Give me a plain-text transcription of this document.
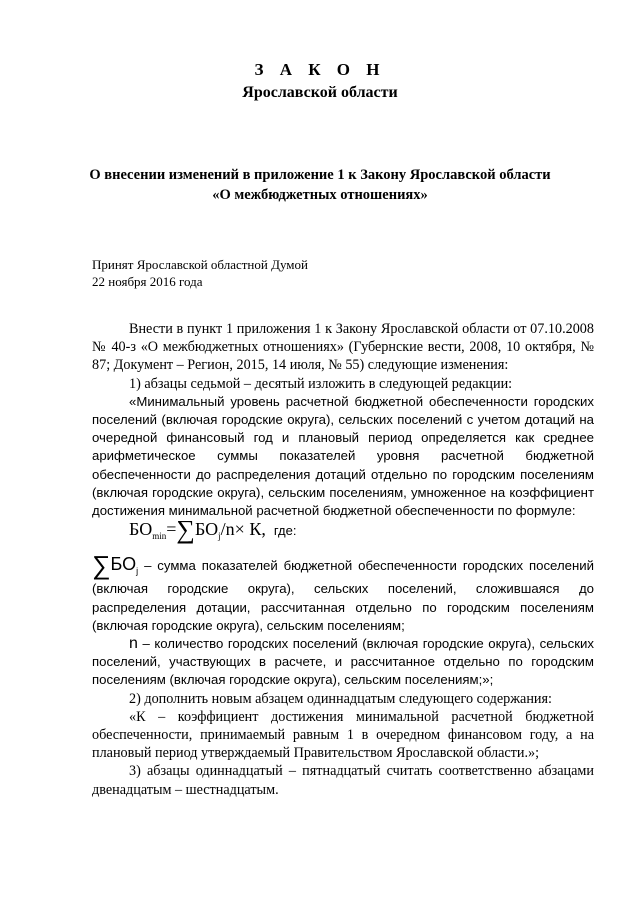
З А К О Н
Ярославской области
О внесении изменений в приложение 1 к Закону Ярославской области
«О межбюджетных отношениях»
Принят Ярославской областной Думой
22 ноября 2016 года

Внести в пункт 1 приложения 1 к Закону Ярославской области от 07.10.2008 № 40-з «О межбюджетных отношениях» (Губернские вести, 2008, 10 октября, № 87; Документ – Регион, 2015, 14 июля, № 55) следующие изменения:

1) абзацы седьмой – десятый изложить в следующей редакции:

«Минимальный уровень расчетной бюджетной обеспеченности городских поселений (включая городские округа), сельских поселений с учетом дотаций на очередной финансовый год и плановый период определяется как среднее арифметическое суммы показателей уровня расчетной бюджетной обеспеченности до распределения дотаций отдельно по городским поселениям (включая городские округа), сельским поселениям, умноженное на коэффициент достижения минимальной расчетной бюджетной обеспеченности по формуле:

$БО_{min}=\sum БО_j/n\times К$, где:

$\sum БО_j$ – сумма показателей бюджетной обеспеченности городских поселений (включая городские округа), сельских поселений, сложившаяся до распределения дотации, рассчитанная отдельно по городским поселениям (включая городские округа), сельским поселениям;

n – количество городских поселений (включая городские округа), сельских поселений, участвующих в расчете, и рассчитанное отдельно по городским поселениям (включая городские округа), сельским поселениям;»;

2) дополнить новым абзацем одиннадцатым следующего содержания:

«К – коэффициент достижения минимальной расчетной бюджетной обеспеченности, принимаемый равным 1 в очередном финансовом году, а на плановый период утверждаемый Правительством Ярославской области.»;

3) абзацы одиннадцатый – пятнадцатый считать соответственно абзацами двенадцатым – шестнадцатым.
